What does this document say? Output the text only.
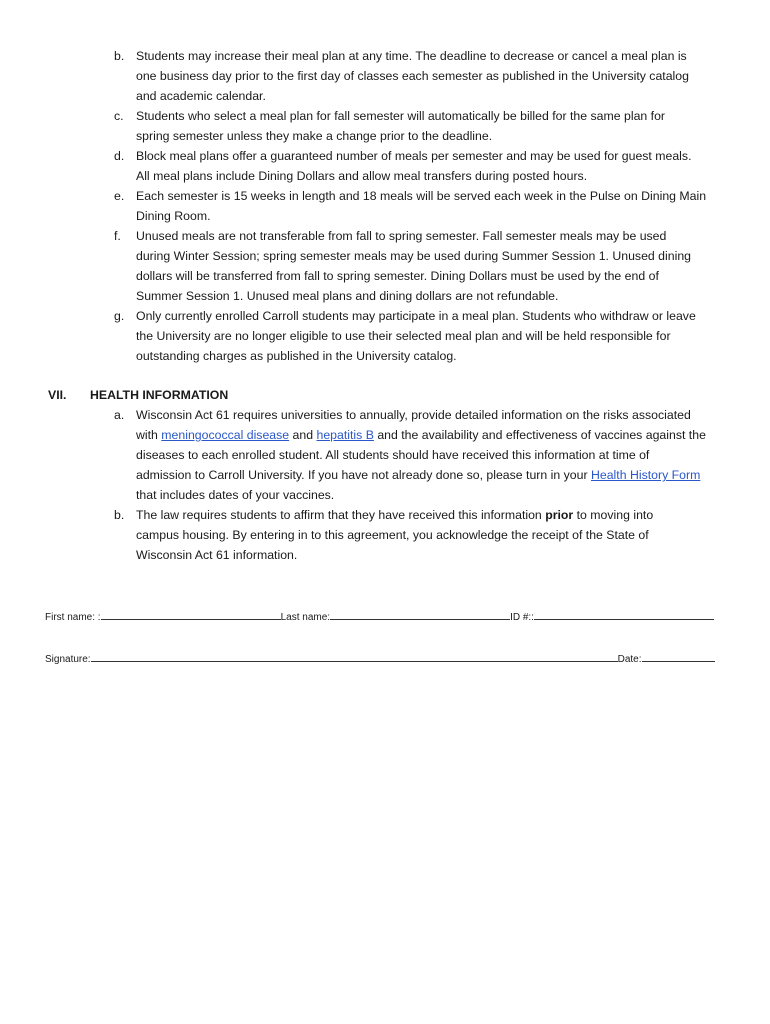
b. Students may increase their meal plan at any time. The deadline to decrease or cancel a meal plan is
one business day prior to the first day of classes each semester as published in the University catalog
and academic calendar.
c. Students who select a meal plan for fall semester will automatically be billed for the same plan for
spring semester unless they make a change prior to the deadline.
d. Block meal plans offer a guaranteed number of meals per semester and may be used for guest meals.
All meal plans include Dining Dollars and allow meal transfers during posted hours.
e. Each semester is 15 weeks in length and 18 meals will be served each week in the Pulse on Dining Main
Dining Room.
f. Unused meals are not transferable from fall to spring semester. Fall semester meals may be used
during Winter Session; spring semester meals may be used during Summer Session 1. Unused dining
dollars will be transferred from fall to spring semester. Dining Dollars must be used by the end of
Summer Session 1. Unused meal plans and dining dollars are not refundable.
g. Only currently enrolled Carroll students may participate in a meal plan. Students who withdraw or leave
the University are no longer eligible to use their selected meal plan and will be held responsible for
outstanding charges as published in the University catalog.
VII. HEALTH INFORMATION
a. Wisconsin Act 61 requires universities to annually, provide detailed information on the risks associated
with meningococcal disease and hepatitis B and the availability and effectiveness of vaccines against the
diseases to each enrolled student. All students should have received this information at time of
admission to Carroll University. If you have not already done so, please turn in your Health History Form
that includes dates of your vaccines.
b. The law requires students to affirm that they have received this information prior to moving into
campus housing. By entering in to this agreement, you acknowledge the receipt of the State of
Wisconsin Act 61 information.
First name: :	Last name:	ID #::
Signature:	Date:
